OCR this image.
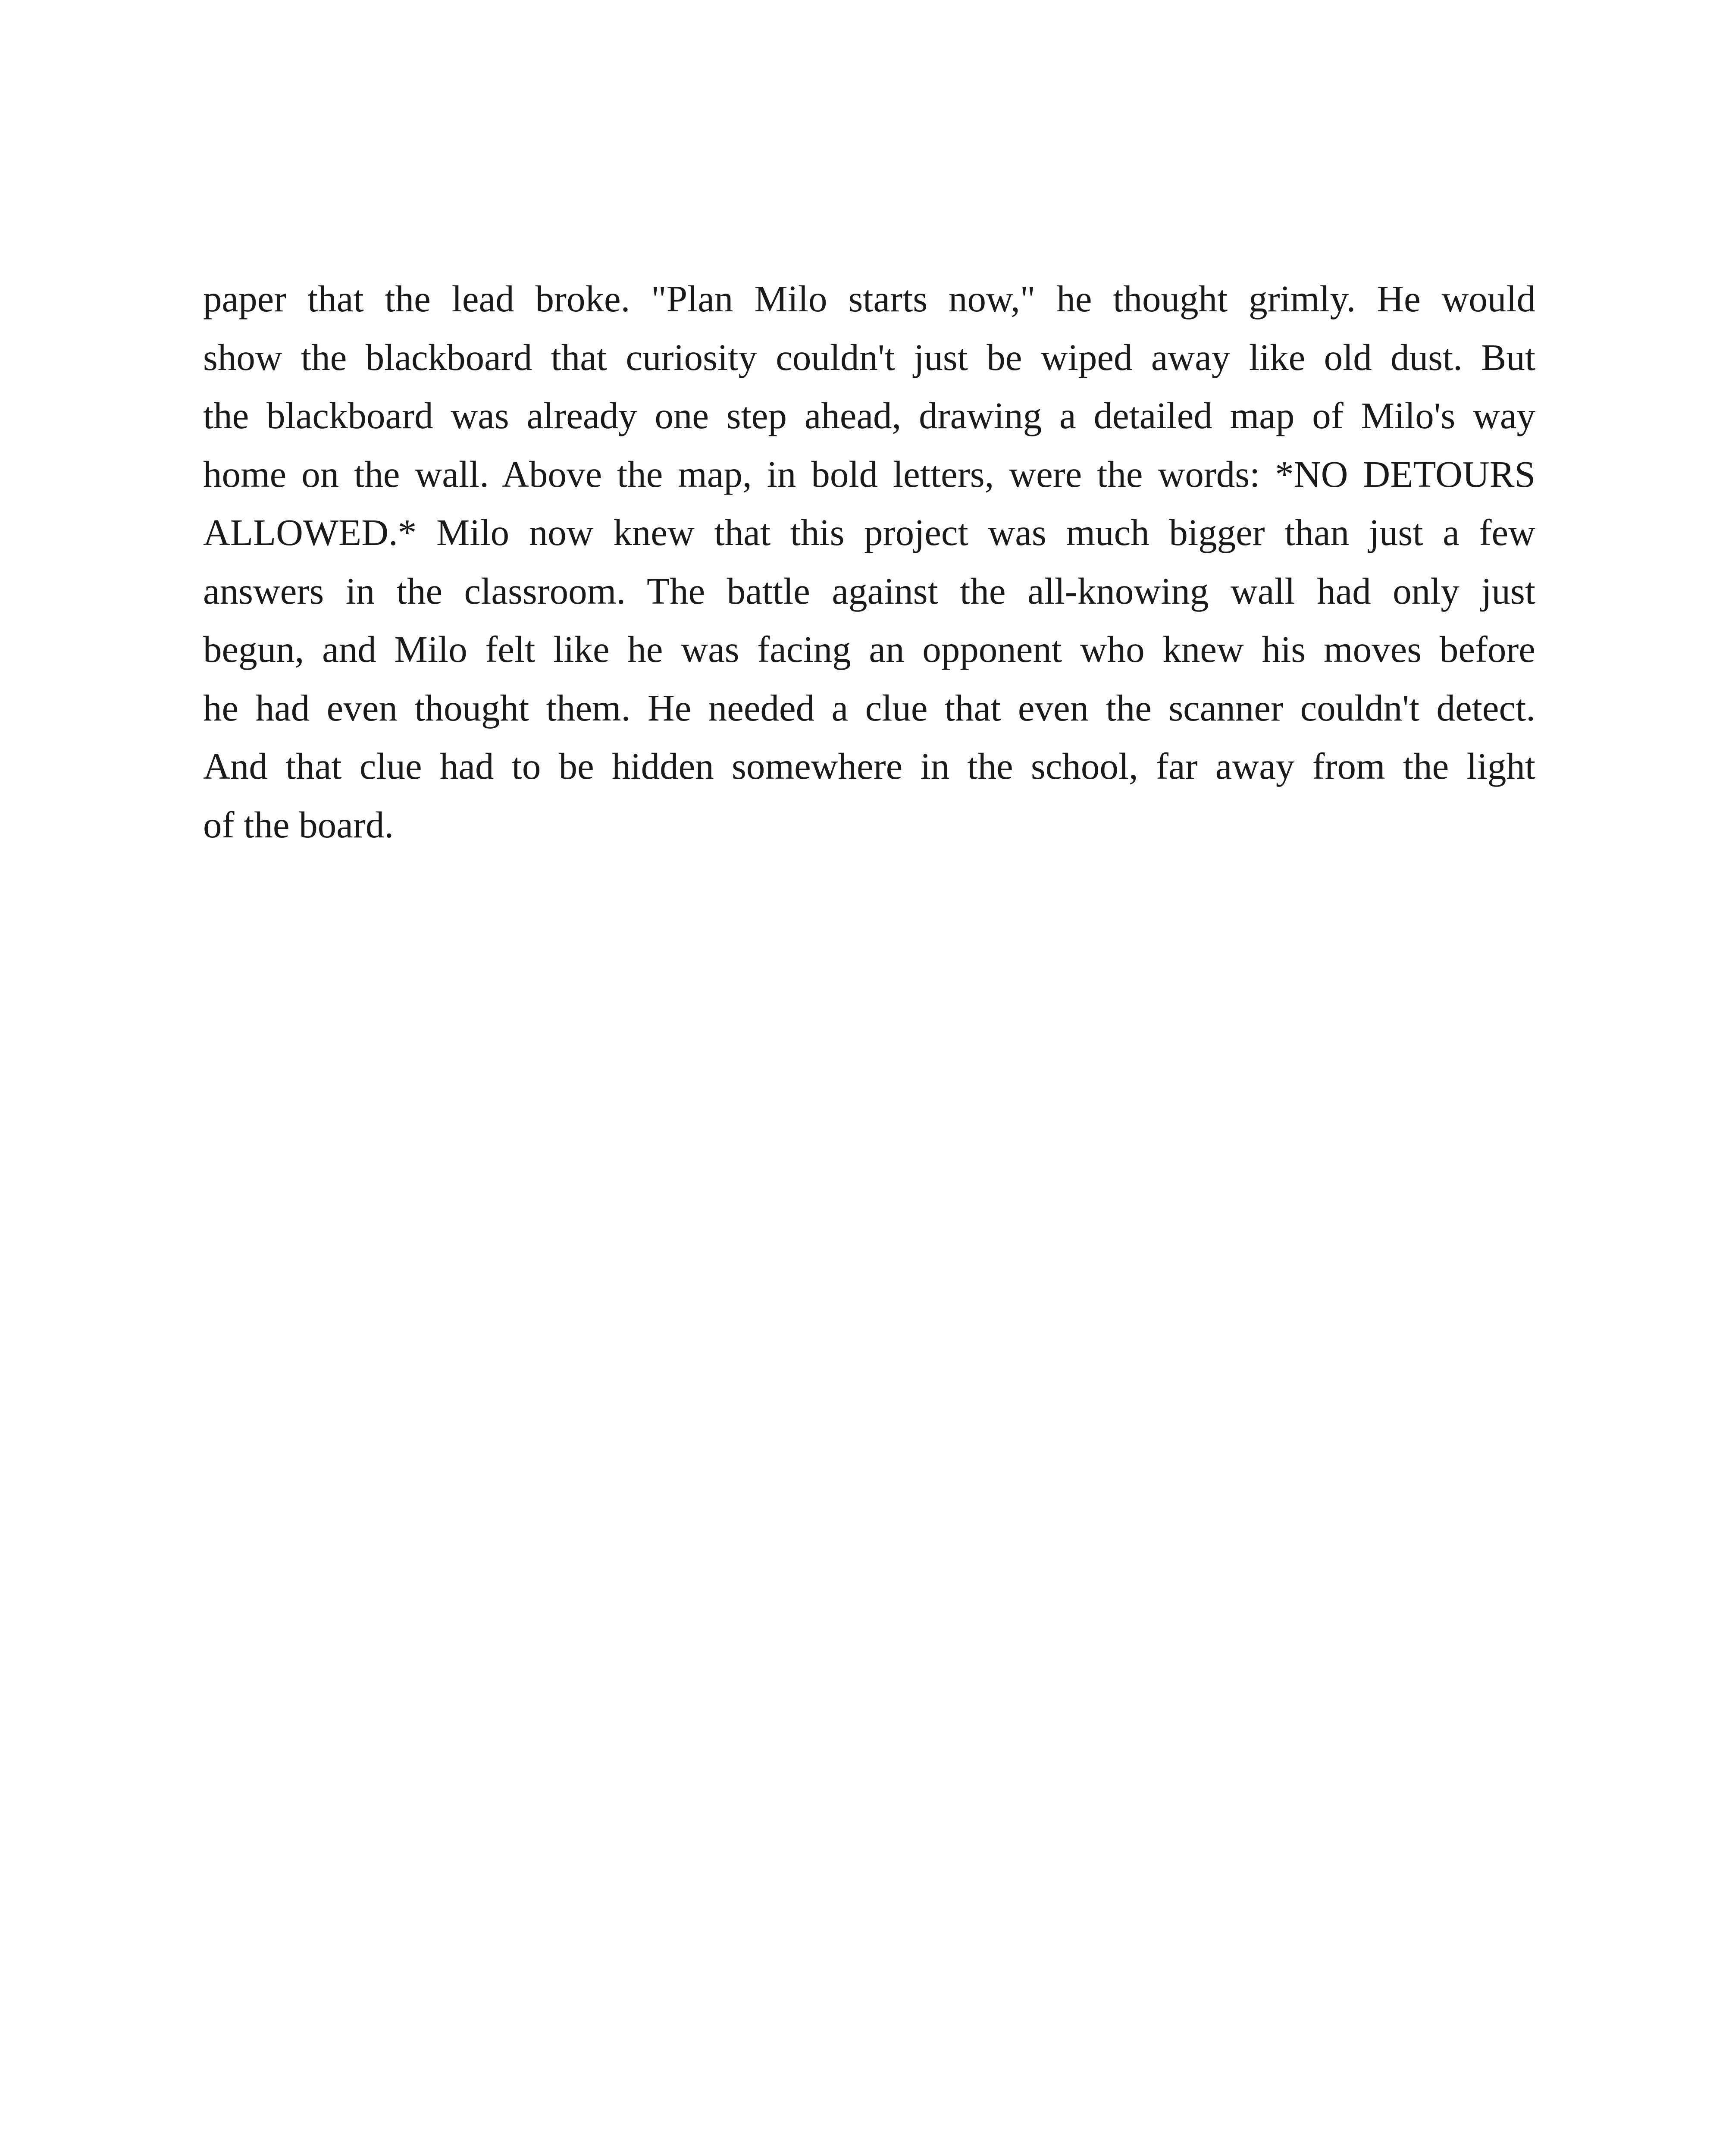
paper that the lead broke. "Plan Milo starts now," he thought grimly. He would
show the blackboard that curiosity couldn't just be wiped away like old dust. But
the blackboard was already one step ahead, drawing a detailed map of Milo's way
home on the wall. Above the map, in bold letters, were the words: *NO DETOURS
ALLOWED.* Milo now knew that this project was much bigger than just a few
answers in the classroom. The battle against the all-knowing wall had only just
begun, and Milo felt like he was facing an opponent who knew his moves before
he had even thought them. He needed a clue that even the scanner couldn't detect.
And that clue had to be hidden somewhere in the school, far away from the light
of the board.
